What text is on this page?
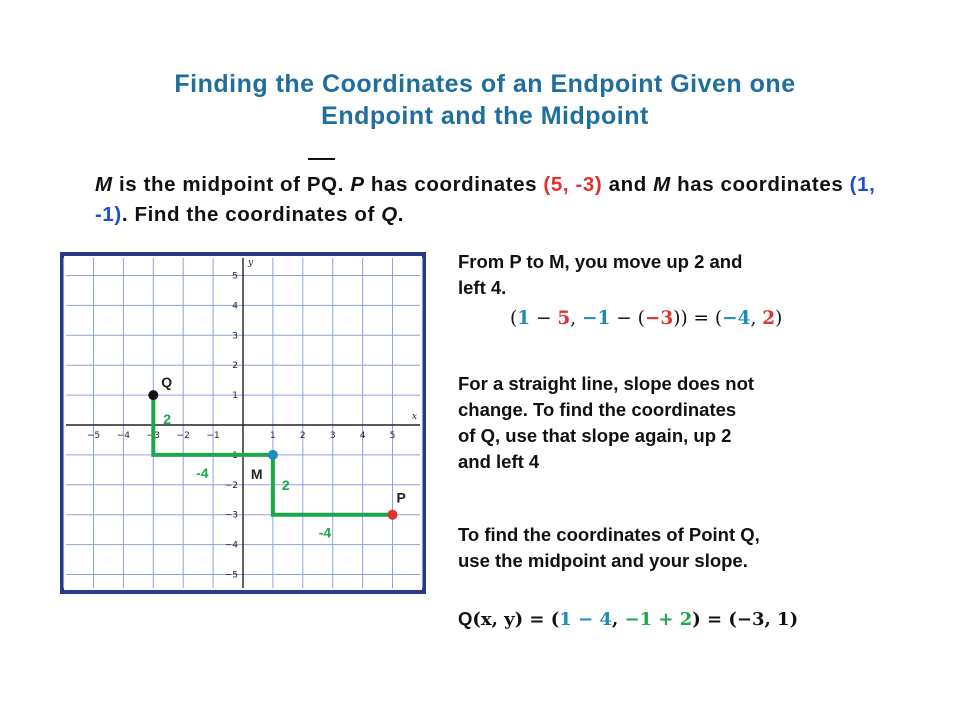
Finding the Coordinates of an Endpoint Given one
Endpoint and the Midpoint
M is the midpoint of PQ. P has coordinates (5, -3) and M has coordinates (1, -1). Find the coordinates of Q.
x
y
−5 −4 −3 −2 −1	1	2	3	4	5
5
4
3
2
1
−1
−2
−3
−4
−5
2
-4
2
-4
Q
M
P
From P to M, you move up 2 and
left 4.
(1 − 5, −1 − (−3)) = (−4, 2)
For a straight line, slope does not
change. To find the coordinates
of Q, use that slope again, up 2
and left 4
To find the coordinates of Point Q,
use the midpoint and your slope.
Q(x, y) = (1 − 4, −1 + 2) = (−3, 1)
